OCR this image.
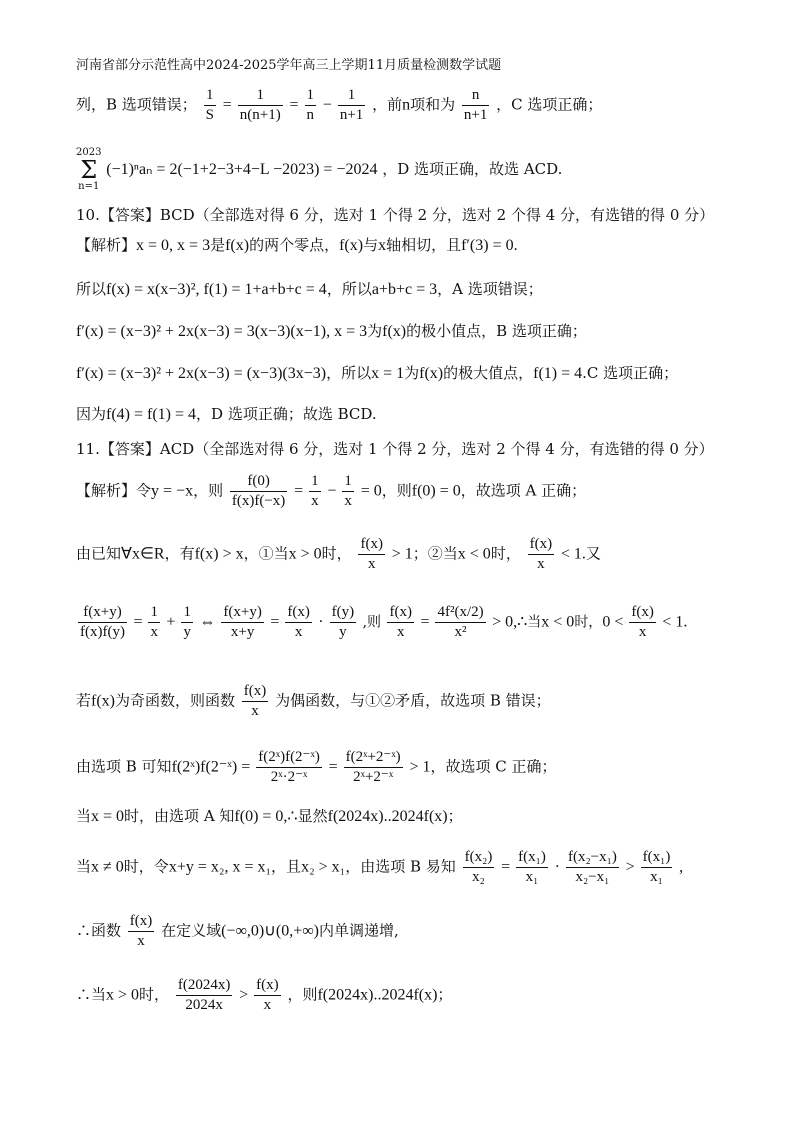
河南省部分示范性高中2024-2025学年高三上学期11月质量检测数学试题
列，B 选项错误； $\frac{1}{S} = \frac{1}{n(n+1)} = \frac{1}{n} - \frac{1}{n+1}$ ，前n项和为 $\frac{n}{n+1}$ ，C 选项正确；
2023
Σ
n=1 (−1)ⁿaₙ = 2(−1+2−3+4−L −2023) = −2024 ，D 选项正确，故选 ACD.
10.【答案】BCD（全部选对得 6 分，选对 1 个得 2 分，选对 2 个得 4 分，有选错的得 0 分）
【解析】x = 0, x = 3是f(x)的两个零点，f(x)与x轴相切，且f′(3) = 0.
所以f(x) = x(x−3)², f(1) = 1+a+b+c = 4，所以a+b+c = 3，A 选项错误；
f′(x) = (x−3)² + 2x(x−3) = 3(x−3)(x−1), x = 3为f(x)的极小值点，B 选项正确；
f′(x) = (x−3)² + 2x(x−3) = (x−3)(3x−3)，所以x = 1为f(x)的极大值点，f(1) = 4.C 选项正确；
因为f(4) = f(1) = 4，D 选项正确；故选 BCD.
11.【答案】ACD（全部选对得 6 分，选对 1 个得 2 分，选对 2 个得 4 分，有选错的得 0 分）
【解析】令y = −x，则 $\frac{f(0)}{f(x)f(-x)} = \frac{1}{x} - \frac{1}{x} = 0$，则f(0) = 0，故选项 A 正确；
由已知∀x∈R，有f(x) > x，①当x > 0时， $\frac{f(x)}{x} > 1$；②当x < 0时， $\frac{f(x)}{x} < 1$.又
$\frac{f(x+y)}{f(x)f(y)} = \frac{1}{x} + \frac{1}{y}$ ⇔ $\frac{f(x+y)}{x+y} = \frac{f(x)}{x} \cdot \frac{f(y)}{y}$ ,则 $\frac{f(x)}{x} = \frac{\text{4f²(x/2)}}{\text{x²}}$ > 0,∴当x < 0时，$0 < \frac{f(x)}{x} < 1$.
若f(x)为奇函数，则函数 $\frac{f(x)}{x}$ 为偶函数，与①②矛盾，故选项 B 错误；
由选项 B 可知f(2ˣ)f(2⁻ˣ) = $\frac{\text{f(2ˣ)f(2⁻ˣ)}}{\text{2ˣ·2⁻ˣ}} = \frac{\text{f(2ˣ+2⁻ˣ)}}{\text{2ˣ+2⁻ˣ}} > 1$，故选项 C 正确；
当x = 0时，由选项 A 知f(0) = 0,∴显然f(2024x)..2024f(x)；
当x ≠ 0时，令x+y = x₂, x = x₁，且x₂ > x₁，由选项 B 易知 $\frac{\text{f(x₂)}}{\text{x₂}} = \frac{\text{f(x₁)}}{\text{x₁}} \cdot \frac{\text{f(x₂−x₁)}}{\text{x₂−x₁}} > \frac{\text{f(x₁)}}{\text{x₁}}$ ,
∴函数 $\frac{f(x)}{x}$ 在定义域(−∞,0)∪(0,+∞)内单调递增,
∴当x > 0时， $\frac{f(2024x)}{2024x} > \frac{f(x)}{x}$ ，则f(2024x)..2024f(x)；
